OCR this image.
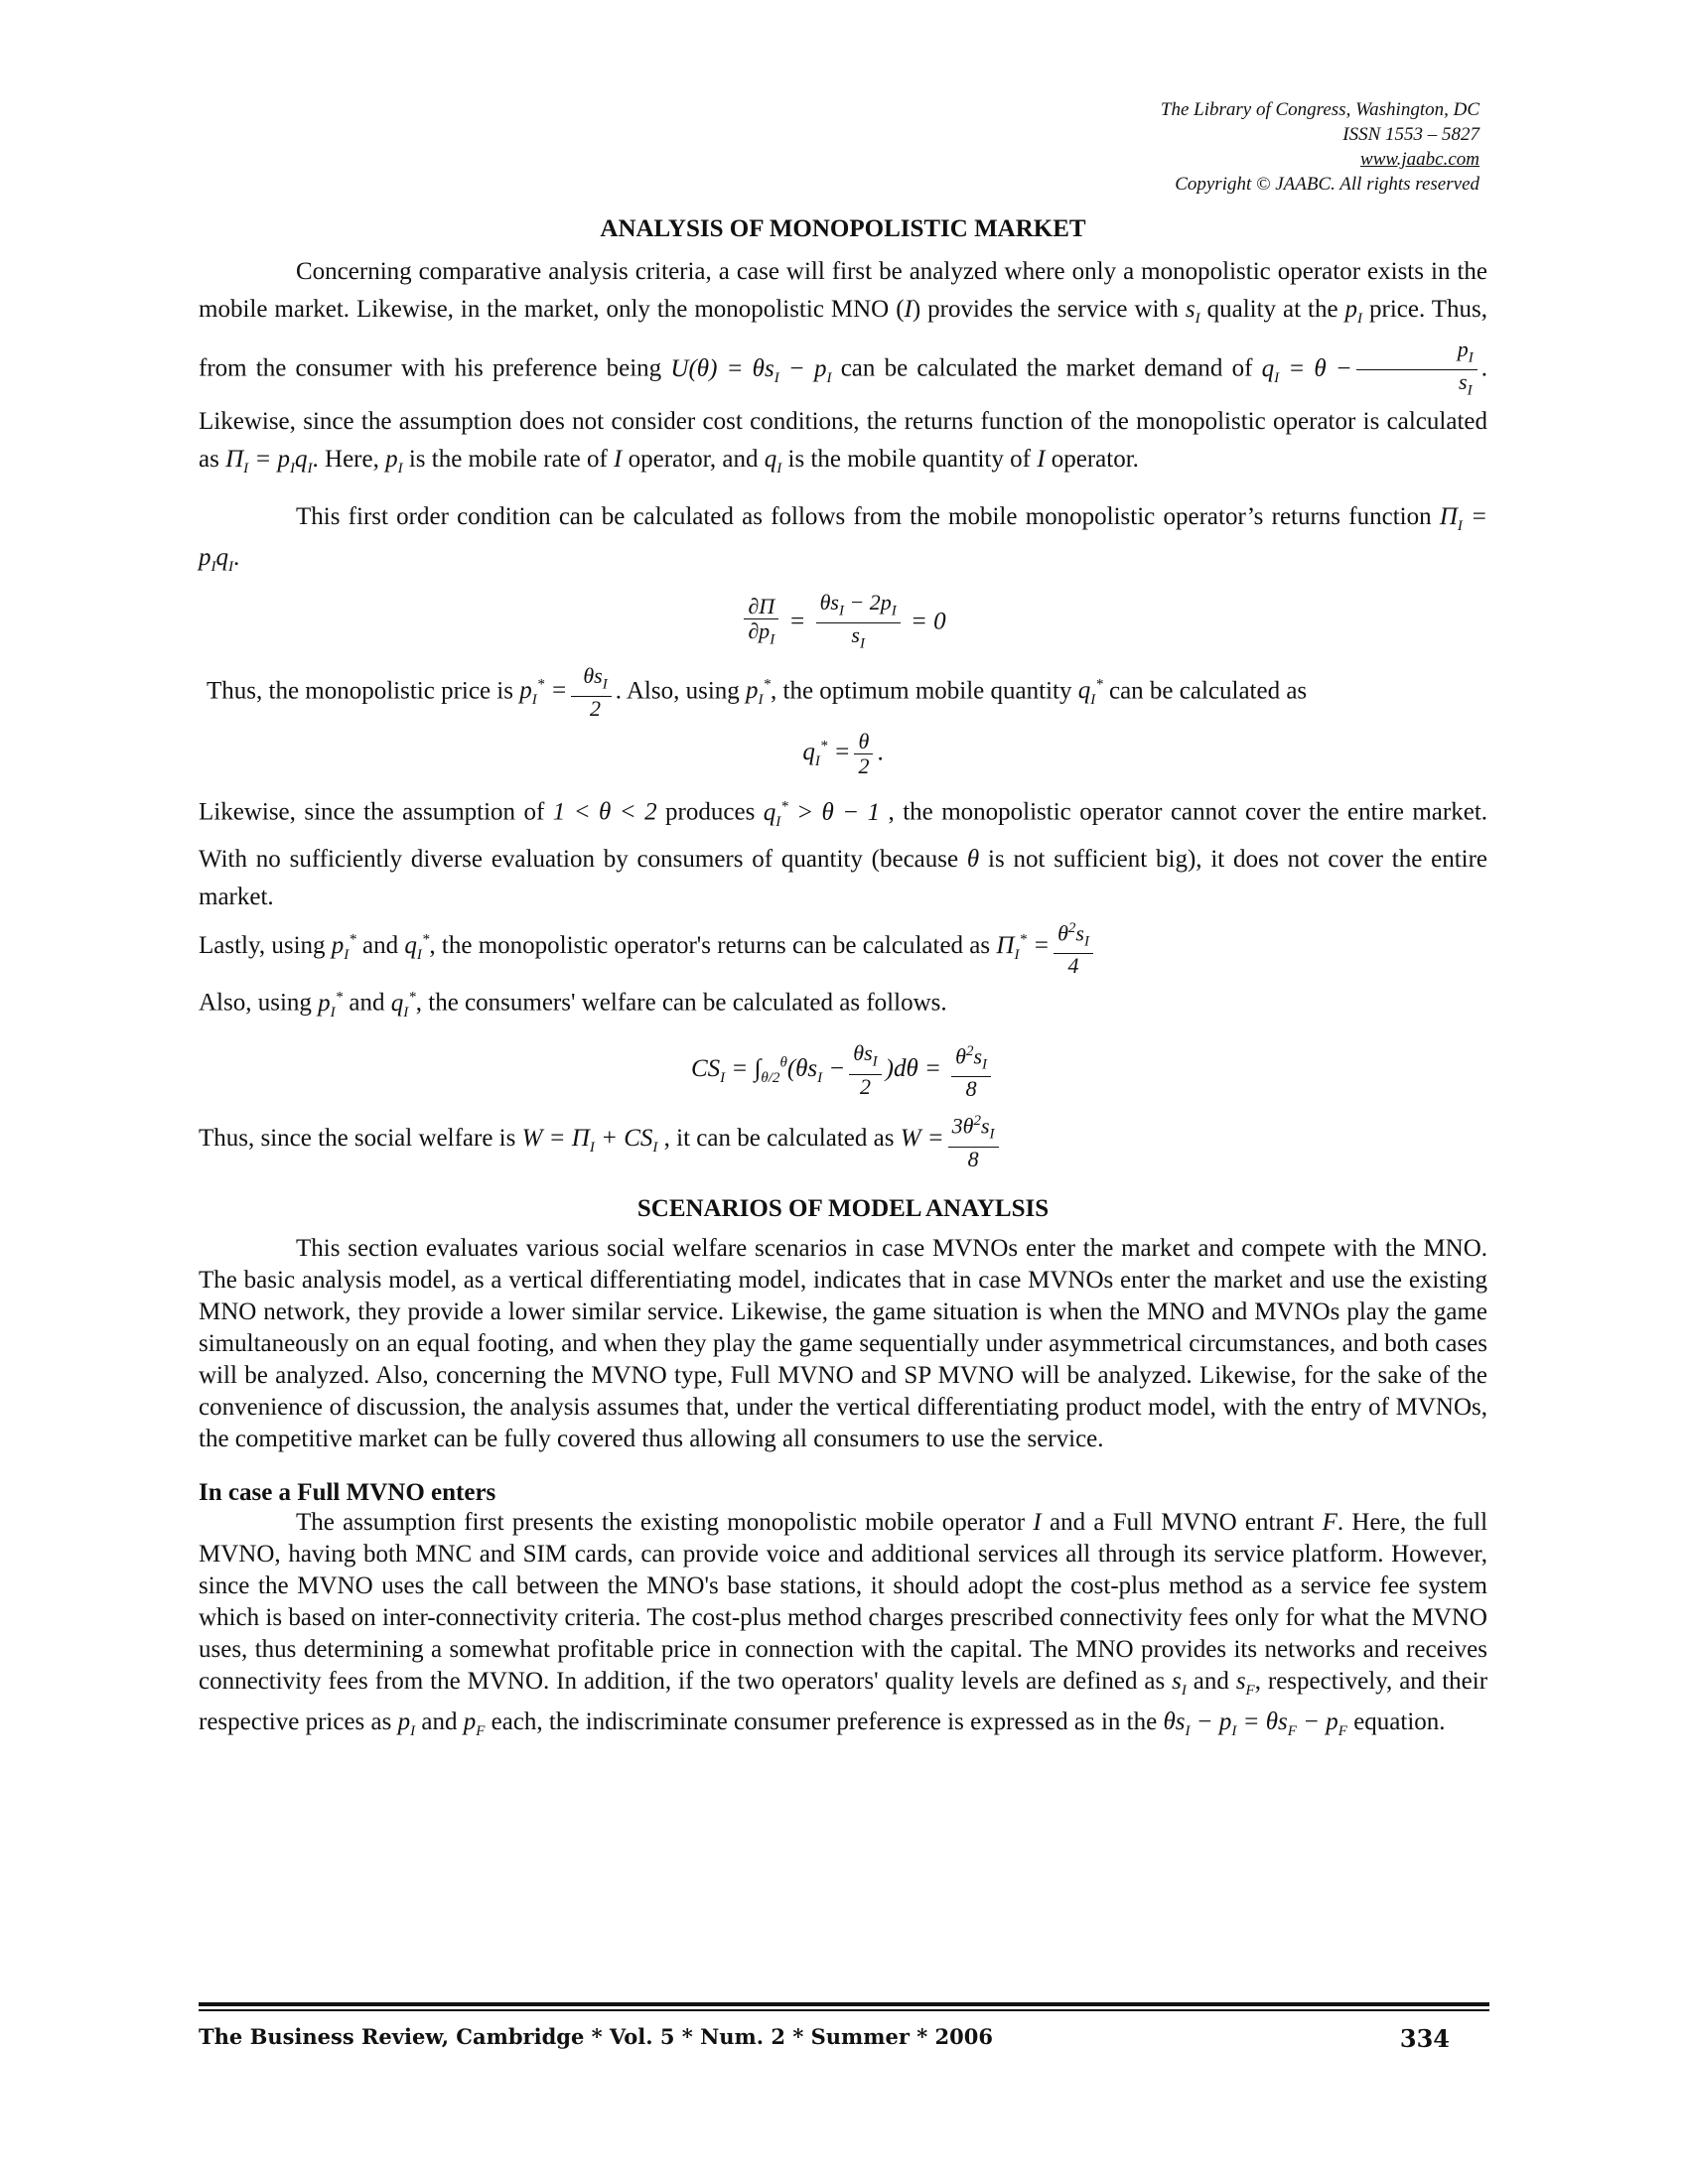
The Library of Congress, Washington, DC
ISSN 1553 – 5827
www.jaabc.com
Copyright © JAABC. All rights reserved
ANALYSIS OF MONOPOLISTIC MARKET

Concerning comparative analysis criteria, a case will first be analyzed where only a monopolistic operator exists in the mobile market. Likewise, in the market, only the monopolistic MNO (I) provides the service with $s_I$ quality at the $p_I$ price. Thus, from the consumer with his preference being $U(\theta) = \theta s_I - p_I$ can be calculated the market demand of $q_I = \theta - \frac{p_I}{s_I}$ . Likewise, since the assumption does not consider cost conditions, the returns function of the monopolistic operator is calculated as $\Pi_I = p_Iq_I$. Here, $p_I$ is the mobile rate of I operator, and $q_I$ is the mobile quantity of I operator.

This first order condition can be calculated as follows from the mobile monopolistic operator’s returns function $\Pi_I = p_Iq_I$.

$\frac{\partial\Pi}{\partial p_I} = \frac{\theta s_I - 2p_I}{s_I} = 0$

Thus, the monopolistic price is $p_I^* = \frac{\theta s_I}{2}$ . Also, using $p_I^*$, the optimum mobile quantity $q_I^*$ can be calculated as

$q_I^* = \frac{\theta}{2}$ .

Likewise, since the assumption of 1 < θ < 2 produces $q_I^* > \theta - 1$ , the monopolistic operator cannot cover the entire market. With no sufficiently diverse evaluation by consumers of quantity (because θ is not sufficient big), it does not cover the entire market.

Lastly, using $p_I^*$ and $q_I^*$, the monopolistic operator's returns can be calculated as $\Pi_I^* = \frac{\theta^2s_I}{4}$

Also, using $p_I^*$ and $q_I^*$, the consumers' welfare can be calculated as follows.

$CS_I = \int_{\theta/2}^\theta(\theta s_I - \frac{\theta s_I}{2} )d\theta = \frac{\theta^2s_I}{8}$

Thus, since the social welfare is $W = \Pi_I + CS_I$ , it can be calculated as $W = \frac{3\theta^2s_I}{8}$

SCENARIOS OF MODEL ANAYLSIS

This section evaluates various social welfare scenarios in case MVNOs enter the market and compete with the MNO. The basic analysis model, as a vertical differentiating model, indicates that in case MVNOs enter the market and use the existing MNO network, they provide a lower similar service. Likewise, the game situation is when the MNO and MVNOs play the game simultaneously on an equal footing, and when they play the game sequentially under asymmetrical circumstances, and both cases will be analyzed. Also, concerning the MVNO type, Full MVNO and SP MVNO will be analyzed. Likewise, for the sake of the convenience of discussion, the analysis assumes that, under the vertical differentiating product model, with the entry of MVNOs, the competitive market can be fully covered thus allowing all consumers to use the service.

In case a Full MVNO enters

The assumption first presents the existing monopolistic mobile operator I and a Full MVNO entrant F. Here, the full MVNO, having both MNC and SIM cards, can provide voice and additional services all through its service platform. However, since the MVNO uses the call between the MNO's base stations, it should adopt the cost-plus method as a service fee system which is based on inter-connectivity criteria. The cost-plus method charges prescribed connectivity fees only for what the MVNO uses, thus determining a somewhat profitable price in connection with the capital. The MNO provides its networks and receives connectivity fees from the MVNO. In addition, if the two operators' quality levels are defined as $s_I$ and $s_F$, respectively, and their respective prices as $p_I$ and $p_F$ each, the indiscriminate consumer preference is expressed as in the $\theta s_I - p_I = \theta s_F - p_F$ equation.

The Business Review, Cambridge * Vol. 5 * Num. 2 * Summer * 2006	334
